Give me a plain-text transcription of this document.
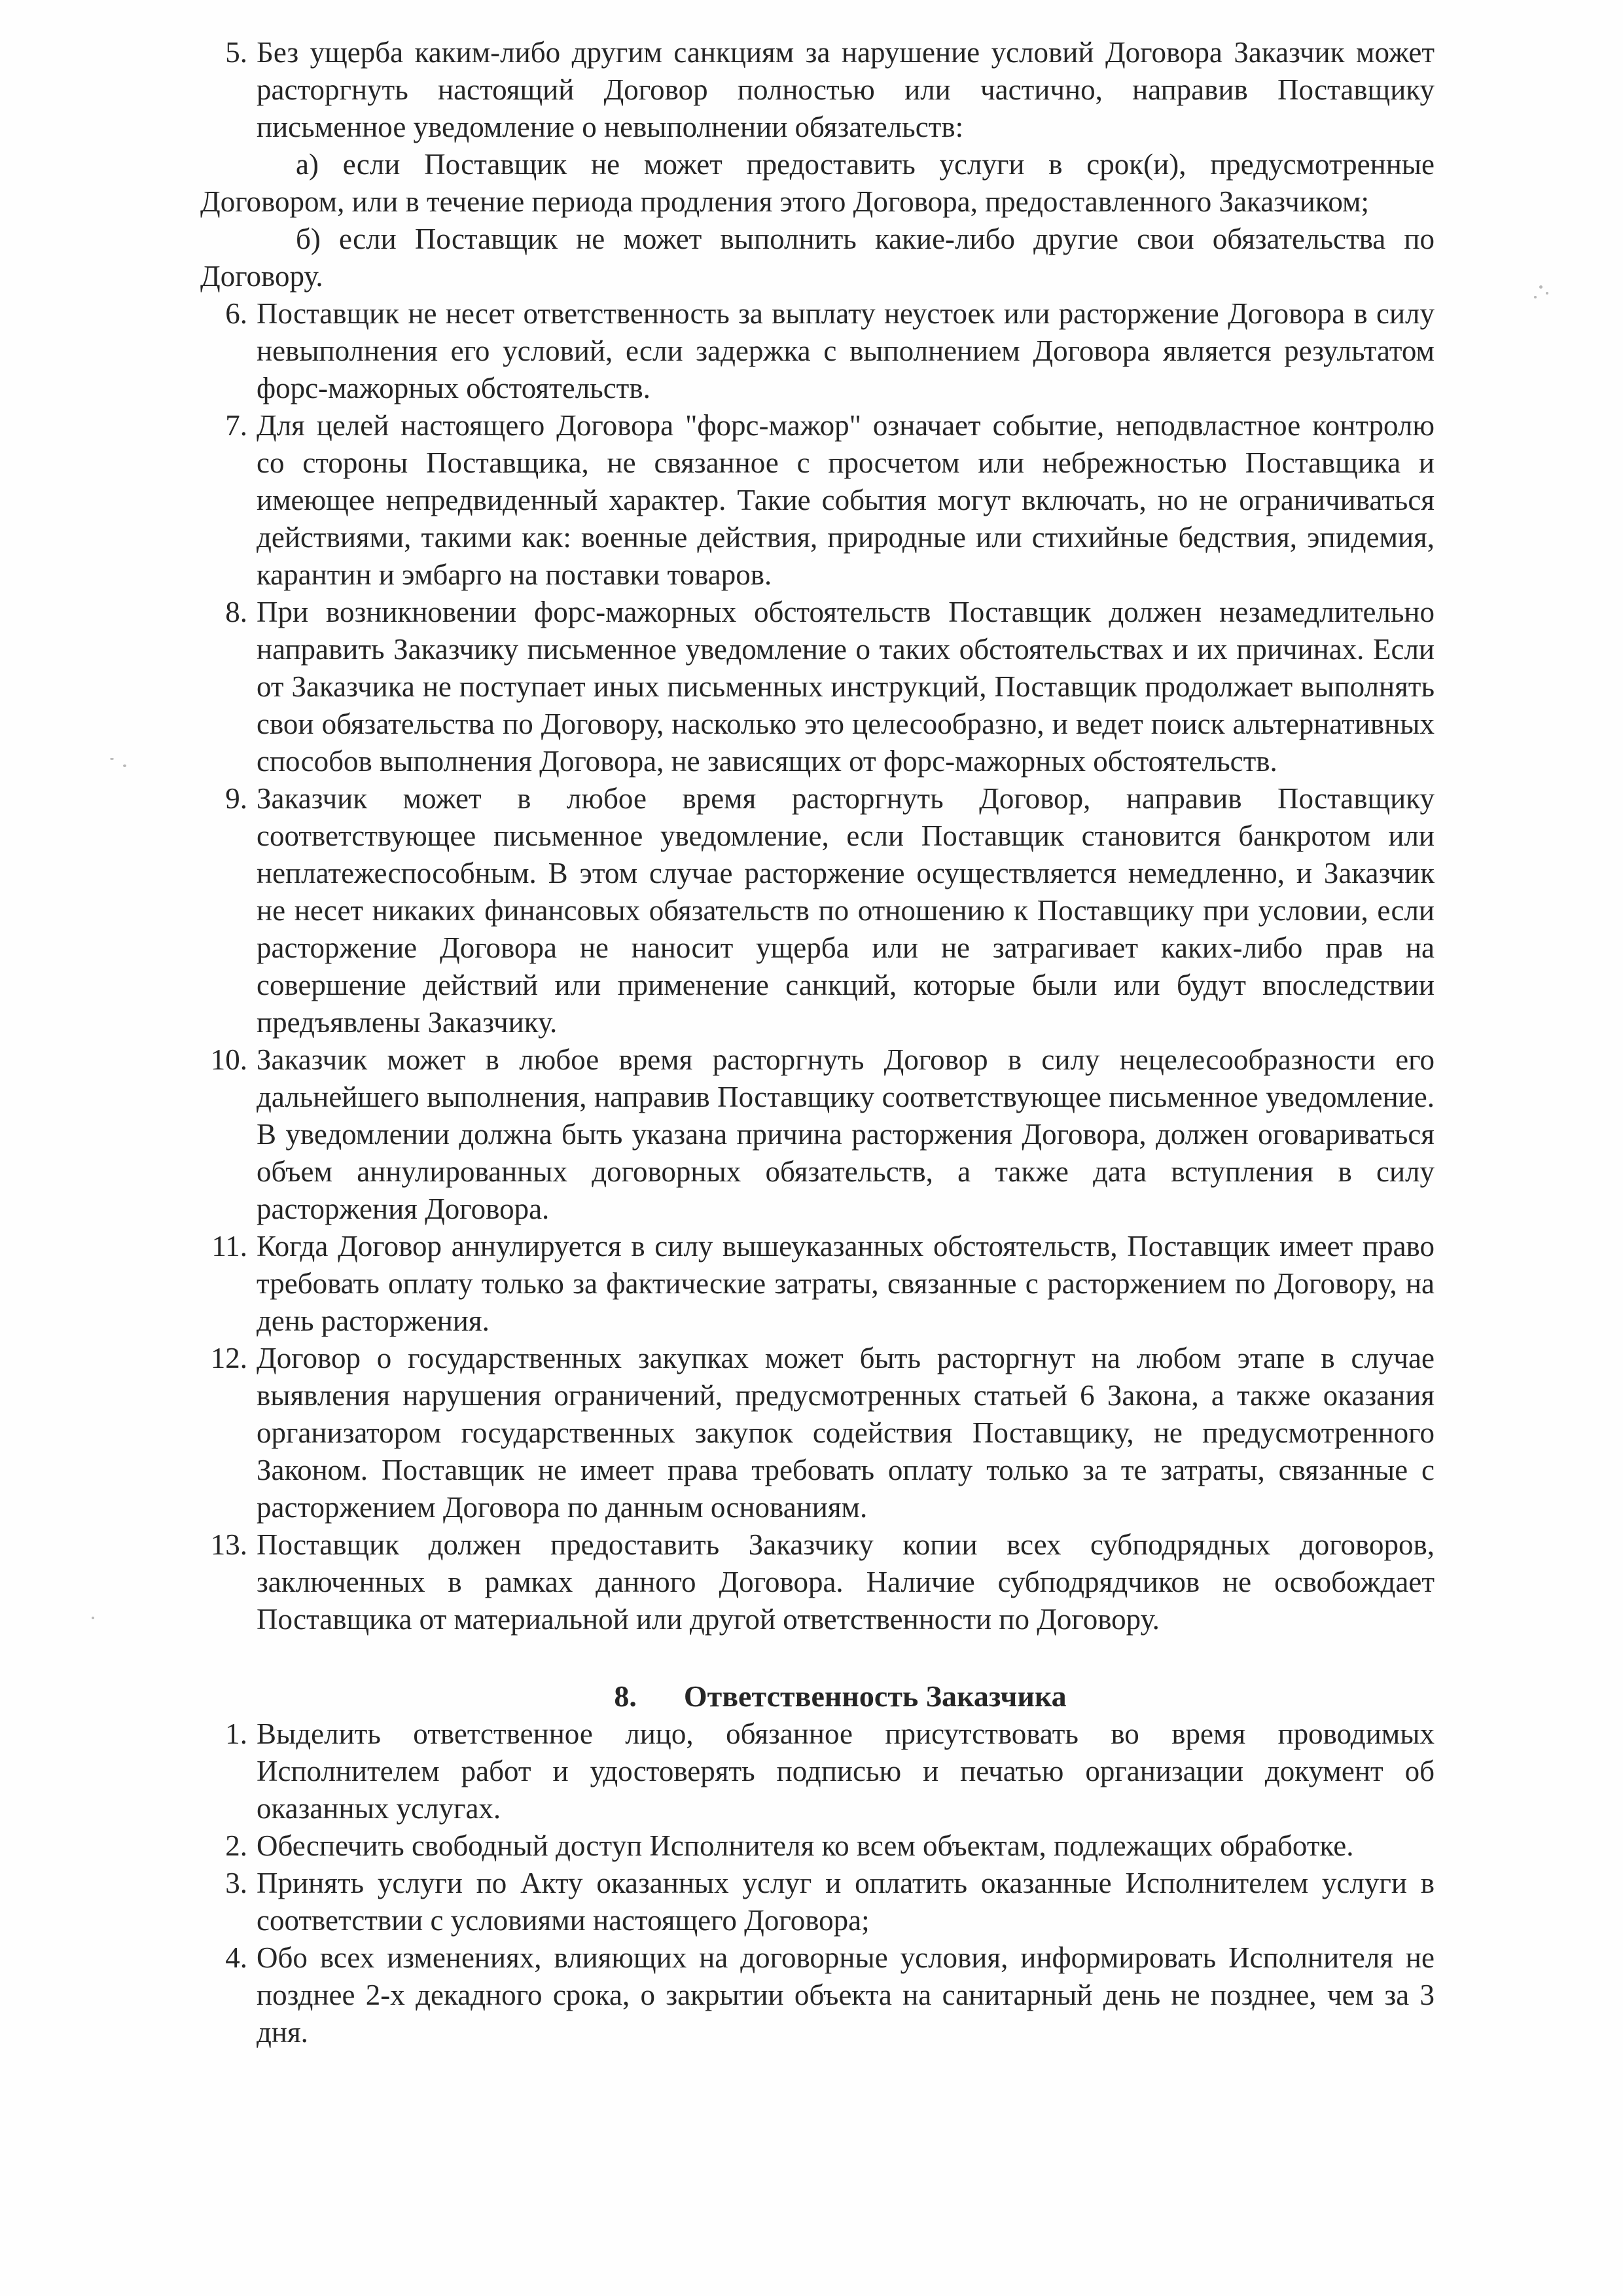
5. Без ущерба каким-либо другим санкциям за нарушение условий Договора Заказчик может расторгнуть настоящий Договор полностью или частично, направив Поставщику письменное уведомление о невыполнении обязательств:
а) если Поставщик не может предоставить услуги в срок(и), предусмотренные Договором, или в течение периода продления этого Договора, предоставленного Заказчиком;
б) если Поставщик не может выполнить какие-либо другие свои обязательства по Договору.
6. Поставщик не несет ответственность за выплату неустоек или расторжение Договора в силу невыполнения его условий, если задержка с выполнением Договора является результатом форс-мажорных обстоятельств.
7. Для целей настоящего Договора "форс-мажор" означает событие, неподвластное контролю со стороны Поставщика, не связанное с просчетом или небрежностью Поставщика и имеющее непредвиденный характер. Такие события могут включать, но не ограничиваться действиями, такими как: военные действия, природные или стихийные бедствия, эпидемия, карантин и эмбарго на поставки товаров.
8. При возникновении форс-мажорных обстоятельств Поставщик должен незамедлительно направить Заказчику письменное уведомление о таких обстоятельствах и их причинах. Если от Заказчика не поступает иных письменных инструкций, Поставщик продолжает выполнять свои обязательства по Договору, насколько это целесообразно, и ведет поиск альтернативных способов выполнения Договора, не зависящих от форс-мажорных обстоятельств.
9. Заказчик может в любое время расторгнуть Договор, направив Поставщику соответствующее письменное уведомление, если Поставщик становится банкротом или неплатежеспособным. В этом случае расторжение осуществляется немедленно, и Заказчик не несет никаких финансовых обязательств по отношению к Поставщику при условии, если расторжение Договора не наносит ущерба или не затрагивает каких-либо прав на совершение действий или применение санкций, которые были или будут впоследствии предъявлены Заказчику.
10. Заказчик может в любое время расторгнуть Договор в силу нецелесообразности его дальнейшего выполнения, направив Поставщику соответствующее письменное уведомление. В уведомлении должна быть указана причина расторжения Договора, должен оговариваться объем аннулированных договорных обязательств, а также дата вступления в силу расторжения Договора.
11. Когда Договор аннулируется в силу вышеуказанных обстоятельств, Поставщик имеет право требовать оплату только за фактические затраты, связанные с расторжением по Договору, на день расторжения.
12. Договор о государственных закупках может быть расторгнут на любом этапе в случае выявления нарушения ограничений, предусмотренных статьей 6 Закона, а также оказания организатором государственных закупок содействия Поставщику, не предусмотренного Законом. Поставщик не имеет права требовать оплату только за те затраты, связанные с расторжением Договора по данным основаниям.
13. Поставщик должен предоставить Заказчику копии всех субподрядных договоров, заключенных в рамках данного Договора. Наличие субподрядчиков не освобождает Поставщика от материальной или другой ответственности по Договору.
8. Ответственность Заказчика
1. Выделить ответственное лицо, обязанное присутствовать во время проводимых Исполнителем работ и удостоверять подписью и печатью организации документ об оказанных услугах.
2. Обеспечить свободный доступ Исполнителя ко всем объектам, подлежащих обработке.
3. Принять услуги по Акту оказанных услуг и оплатить оказанные Исполнителем услуги в соответствии с условиями настоящего Договора;
4. Обо всех изменениях, влияющих на договорные условия, информировать Исполнителя не позднее 2-х декадного срока, о закрытии объекта на санитарный день не позднее, чем за 3 дня.
